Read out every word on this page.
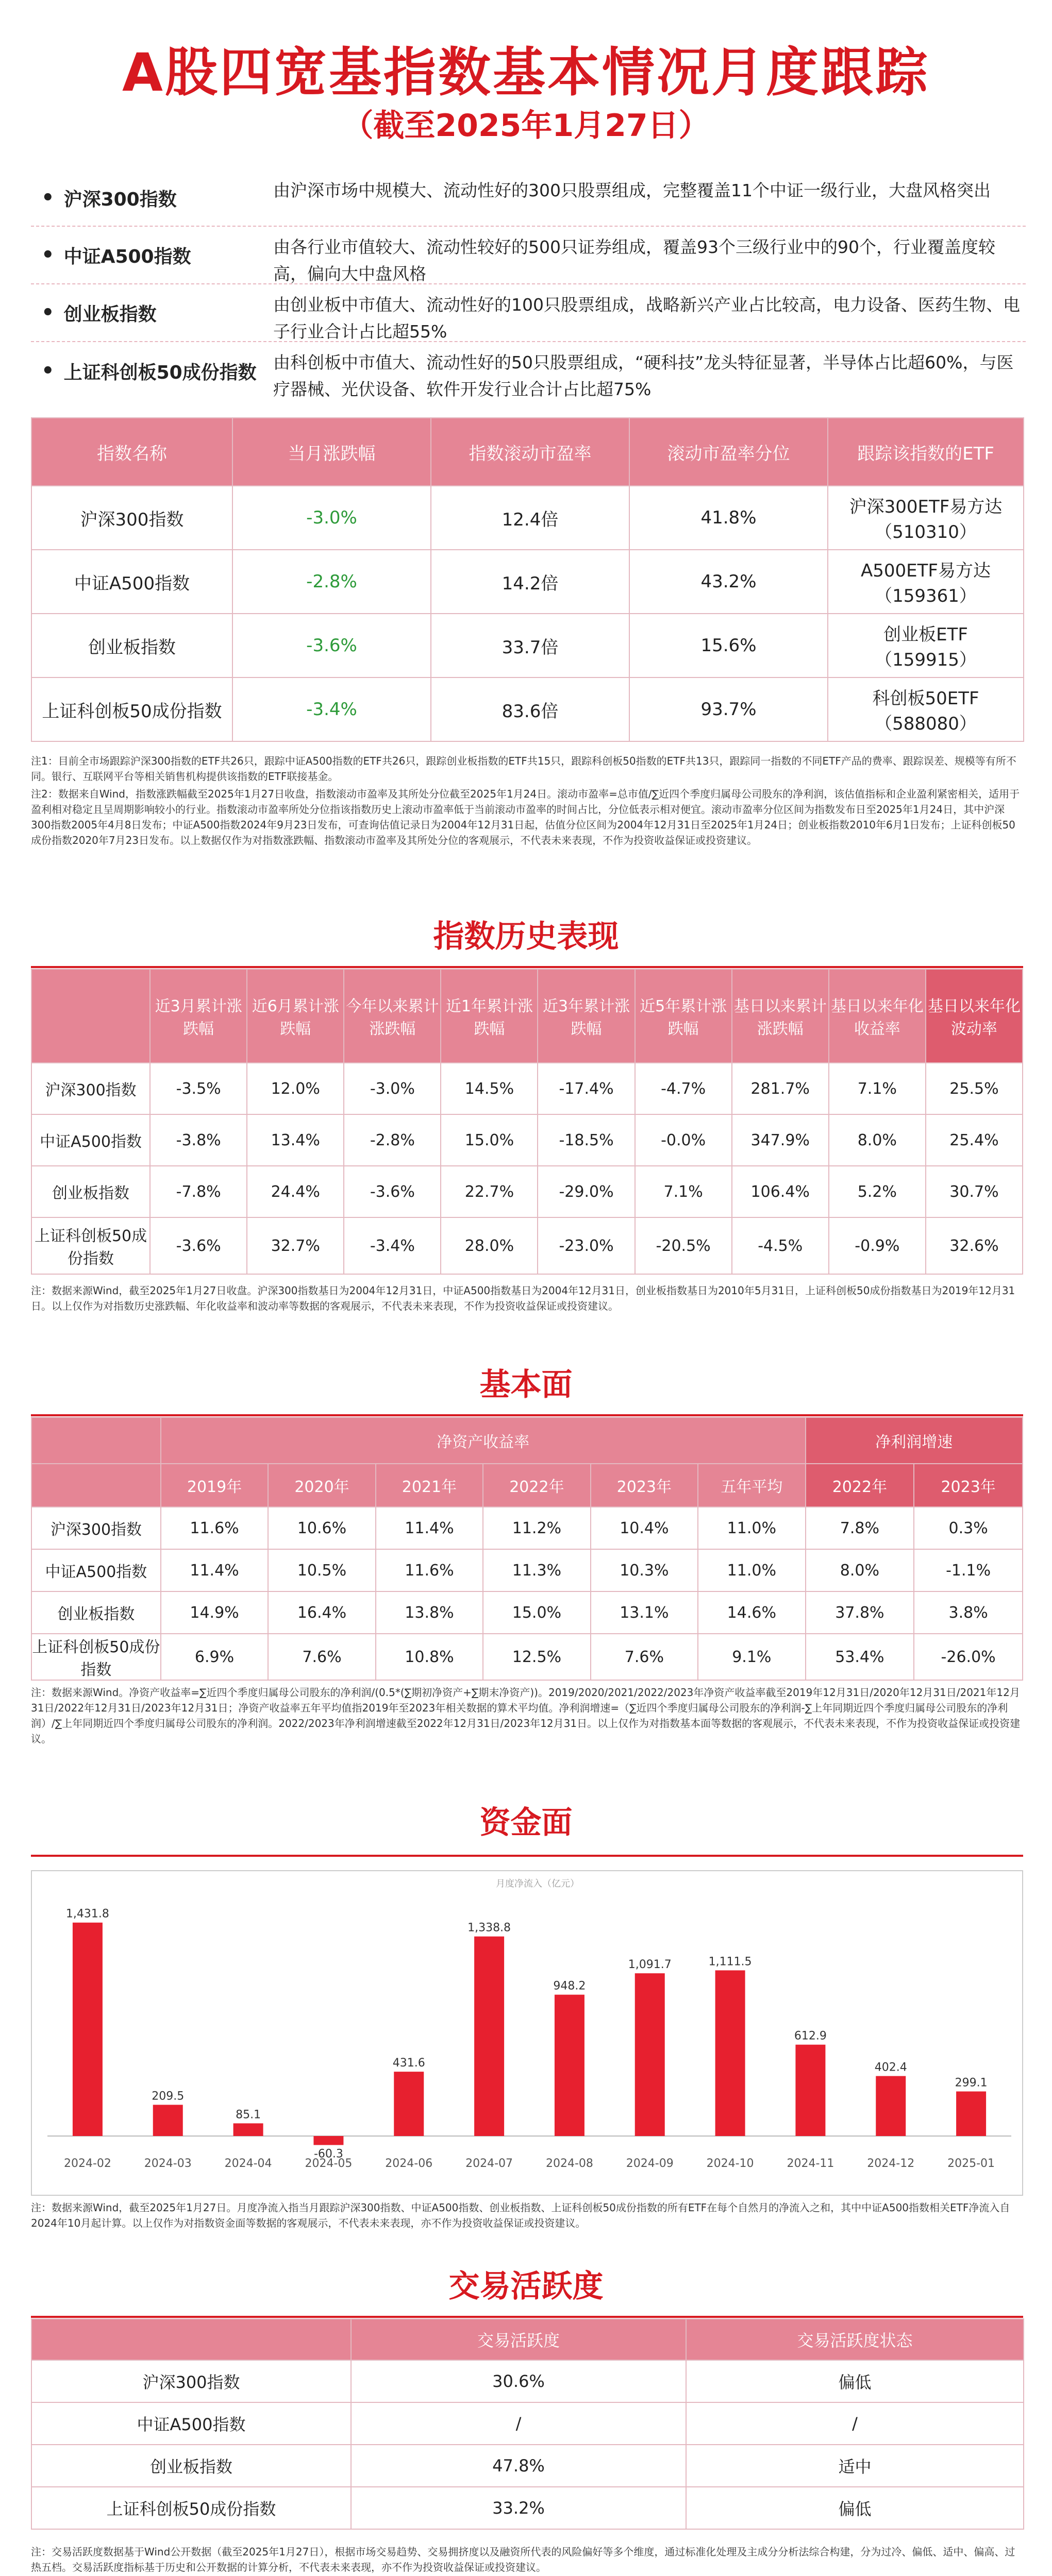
A股四宽基指数基本情况月度跟踪
（截至2025年1月27日）
• 沪深300指数	由沪深市场中规模大、流动性好的300只股票组成，完整覆盖11个中证一级行业，大盘风格突出
• 中证A500指数	由各行业市值较大、流动性较好的500只证券组成，覆盖93个三级行业中的90个，行业覆盖度较高，偏向大中盘风格
• 创业板指数	由创业板中市值大、流动性好的100只股票组成，战略新兴产业占比较高，电力设备、医药生物、电子行业合计占比超55%
• 上证科创板50成份指数 由科创板中市值大、流动性好的50只股票组成，“硬科技”龙头特征显著，半导体占比超60%，与医疗器械、光伏设备、软件开发行业合计占比超75%
指数名称	当月涨跌幅	指数滚动市盈率	滚动市盈率分位	跟踪该指数的ETF
沪深300指数	-3.0%	12.4倍	41.8%	沪深300ETF易方达
（510310）

中证A500指数	-2.8%	14.2倍	43.2%	A500ETF易方达
（159361）

创业板指数	-3.6%	33.7倍	15.6%	创业板ETF
（159915）

上证科创板50成份指数	-3.4%	83.6倍	93.7%	科创板50ETF
（588080）
注1：目前全市场跟踪沪深300指数的ETF共26只，跟踪中证A500指数的ETF共26只，跟踪创业板指数的ETF共15只，跟踪科创板50指数的ETF共13只，跟踪同一指数的不同ETF产品的费率、跟踪误差、规模等有所不同。银行、互联网平台等相关销售机构提供该指数的ETF联接基金。
注2：数据来自Wind，指数涨跌幅截至2025年1月27日收盘，指数滚动市盈率及其所处分位截至2025年1月24日。滚动市盈率=总市值/∑近四个季度归属母公司股东的净利润，该估值指标和企业盈利紧密相关，适用于盈利相对稳定且呈周期影响较小的行业。指数滚动市盈率所处分位指该指数历史上滚动市盈率低于当前滚动市盈率的时间占比，分位低表示相对便宜。滚动市盈率分位区间为指数发布日至2025年1月24日，其中沪深300指数2005年4月8日发布；中证A500指数2024年9月23日发布，可查询估值记录日为2004年12月31日起，估值分位区间为2004年12月31日至2025年1月24日；创业板指数2010年6月1日发布；上证科创板50成份指数2020年7月23日发布。以上数据仅作为对指数涨跌幅、指数滚动市盈率及其所处分位的客观展示，不代表未来表现，不作为投资收益保证或投资建议。
指数历史表现
	近3月累计涨跌幅	近6月累计涨跌幅	今年以来累计涨跌幅	近1年累计涨跌幅	近3年累计涨跌幅	近5年累计涨跌幅	基日以来累计涨跌幅	基日以来年化收益率	基日以来年化波动率
沪深300指数	-3.5%	12.0%	-3.0%	14.5%	-17.4%	-4.7%	281.7%	7.1%	25.5%
中证A500指数	-3.8%	13.4%	-2.8%	15.0%	-18.5%	-0.0%	347.9%	8.0%	25.4%
创业板指数	-7.8%	24.4%	-3.6%	22.7%	-29.0%	7.1%	106.4%	5.2%	30.7%
上证科创板50成份指数	-3.6%	32.7%	-3.4%	28.0%	-23.0%	-20.5%	-4.5%	-0.9%	32.6%
注：数据来源Wind，截至2025年1月27日收盘。沪深300指数基日为2004年12月31日，中证A500指数基日为2004年12月31日，创业板指数基日为2010年5月31日，上证科创板50成份指数基日为2019年12月31日。以上仅作为对指数历史涨跌幅、年化收益率和波动率等数据的客观展示，不代表未来表现，不作为投资收益保证或投资建议。
基本面
	净资产收益率						净利润增速	
	2019年	2020年	2021年	2022年	2023年	五年平均	2022年	2023年
沪深300指数	11.6%	10.6%	11.4%	11.2%	10.4%	11.0%	7.8%	0.3%
中证A500指数	11.4%	10.5%	11.6%	11.3%	10.3%	11.0%	8.0%	-1.1%
创业板指数	14.9%	16.4%	13.8%	15.0%	13.1%	14.6%	37.8%	3.8%
上证科创板50成份指数	6.9%	7.6%	10.8%	12.5%	7.6%	9.1%	53.4%	-26.0%
注：数据来源Wind。净资产收益率=∑近四个季度归属母公司股东的净利润/(0.5*(∑期初净资产+∑期末净资产))。2019/2020/2021/2022/2023年净资产收益率截至2019年12月31日/2020年12月31日/2021年12月31日/2022年12月31日/2023年12月31日；净资产收益率五年平均值指2019年至2023年相关数据的算术平均值。净利润增速=（∑近四个季度归属母公司股东的净利润-∑上年同期近四个季度归属母公司股东的净利润）/∑上年同期近四个季度归属母公司股东的净利润。2022/2023年净利润增速截至2022年12月31日/2023年12月31日。以上仅作为对指数基本面等数据的客观展示，不代表未来表现，不作为投资收益保证或投资建议。
资金面
月度净流入（亿元）
1,431.8
2024-02
209.5
2024-03
85.1
2024-04
-60.3
2024-05
431.6
2024-06
1,338.8
2024-07
948.2
2024-08
1,091.7
2024-09
1,111.5
2024-10
612.9
2024-11
402.4
2024-12
299.1
2025-01
注：数据来源Wind，截至2025年1月27日。月度净流入指当月跟踪沪深300指数、中证A500指数、创业板指数、上证科创板50成份指数的所有ETF在每个自然月的净流入之和，其中中证A500指数相关ETF净流入自2024年10月起计算。以上仅作为对指数资金面等数据的客观展示，不代表未来表现，亦不作为投资收益保证或投资建议。
交易活跃度
	交易活跃度	交易活跃度状态
沪深300指数	30.6%	偏低
中证A500指数	/	/
创业板指数	47.8%	适中
上证科创板50成份指数	33.2%	偏低
注：交易活跃度数据基于Wind公开数据（截至2025年1月27日），根据市场交易趋势、交易拥挤度以及融资所代表的风险偏好等多个维度，通过标准化处理及主成分分析法综合构建，分为过冷、偏低、适中、偏高、过热五档。交易活跃度指标基于历史和公开数据的计算分析，不代表未来表现，亦不作为投资收益保证或投资建议。
